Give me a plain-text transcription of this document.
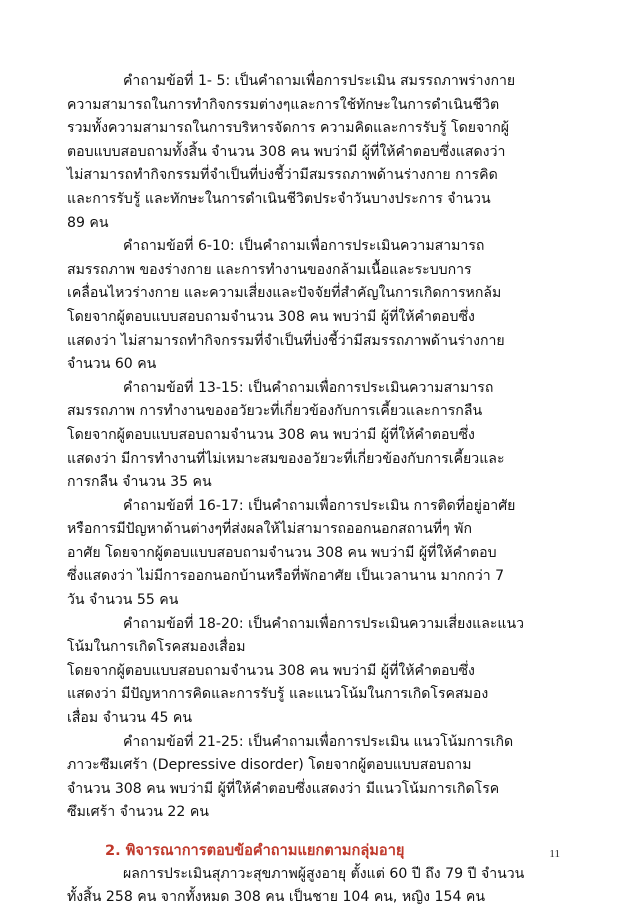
คำถามข้อที่ 1- 5: เป็นคำถามเพื่อการประเมิน สมรรถภาพร่างกาย
ความสามารถในการทำกิจกรรมต่างๆและการใช้ทักษะในการดำเนินชีวิต
รวมทั้งความสามารถในการบริหารจัดการ ความคิดและการรับรู้ โดยจากผู้
ตอบแบบสอบถามทั้งสิ้น จำนวน 308 คน พบว่ามี ผู้ที่ให้คำตอบซึ่งแสดงว่า
ไม่สามารถทำกิจกรรมที่จำเป็นที่บ่งชี้ว่ามีสมรรถภาพด้านร่างกาย การคิด
และการรับรู้ และทักษะในการดำเนินชีวิตประจำวันบางประการ จำนวน
89 คน
คำถามข้อที่ 6-10: เป็นคำถามเพื่อการประเมินความสามารถ
สมรรถภาพ ของร่างกาย และการทำงานของกล้ามเนื้อและระบบการ
เคลื่อนไหวร่างกาย และความเสี่ยงและปัจจัยที่สำคัญในการเกิดการหกล้ม
โดยจากผู้ตอบแบบสอบถามจำนวน 308 คน พบว่ามี ผู้ที่ให้คำตอบซึ่ง
แสดงว่า ไม่สามารถทำกิจกรรมที่จำเป็นที่บ่งชี้ว่ามีสมรรถภาพด้านร่างกาย
จำนวน 60 คน
คำถามข้อที่ 13-15: เป็นคำถามเพื่อการประเมินความสามารถ
สมรรถภาพ การทำงานของอวัยวะที่เกี่ยวข้องกับการเคี้ยวและการกลืน
โดยจากผู้ตอบแบบสอบถามจำนวน 308 คน พบว่ามี ผู้ที่ให้คำตอบซึ่ง
แสดงว่า มีการทำงานที่ไม่เหมาะสมของอวัยวะที่เกี่ยวข้องกับการเคี้ยวและ
การกลืน จำนวน 35 คน
คำถามข้อที่ 16-17: เป็นคำถามเพื่อการประเมิน การติดที่อยู่อาศัย
หรือการมีปัญหาด้านต่างๆที่ส่งผลให้ไม่สามารถออกนอกสถานที่ๆ พัก
อาศัย โดยจากผู้ตอบแบบสอบถามจำนวน 308 คน พบว่ามี ผู้ที่ให้คำตอบ
ซึ่งแสดงว่า ไม่มีการออกนอกบ้านหรือที่พักอาศัย เป็นเวลานาน มากกว่า 7
วัน จำนวน 55 คน
คำถามข้อที่ 18-20: เป็นคำถามเพื่อการประเมินความเสี่ยงและแนว
โน้มในการเกิดโรคสมองเสื่อม
โดยจากผู้ตอบแบบสอบถามจำนวน 308 คน พบว่ามี ผู้ที่ให้คำตอบซึ่ง
แสดงว่า มีปัญหาการคิดและการรับรู้ และแนวโน้มในการเกิดโรคสมอง
เสื่อม จำนวน 45 คน
คำถามข้อที่ 21-25: เป็นคำถามเพื่อการประเมิน แนวโน้มการเกิด
ภาวะซึมเศร้า (Depressive disorder) โดยจากผู้ตอบแบบสอบถาม
จำนวน 308 คน พบว่ามี ผู้ที่ให้คำตอบซึ่งแสดงว่า มีแนวโน้มการเกิดโรค
ซึมเศร้า จำนวน 22 คน
2. พิจารณาการตอบข้อคำถามแยกตามกลุ่มอายุ
ผลการประเมินสุภาวะสุขภาพผู้สูงอายุ ตั้งแต่ 60 ปี ถึง 79 ปี จำนวน
ทั้งสิ้น 258 คน จากทั้งหมด 308 คน เป็นชาย 104 คน, หญิง 154 คน
11
